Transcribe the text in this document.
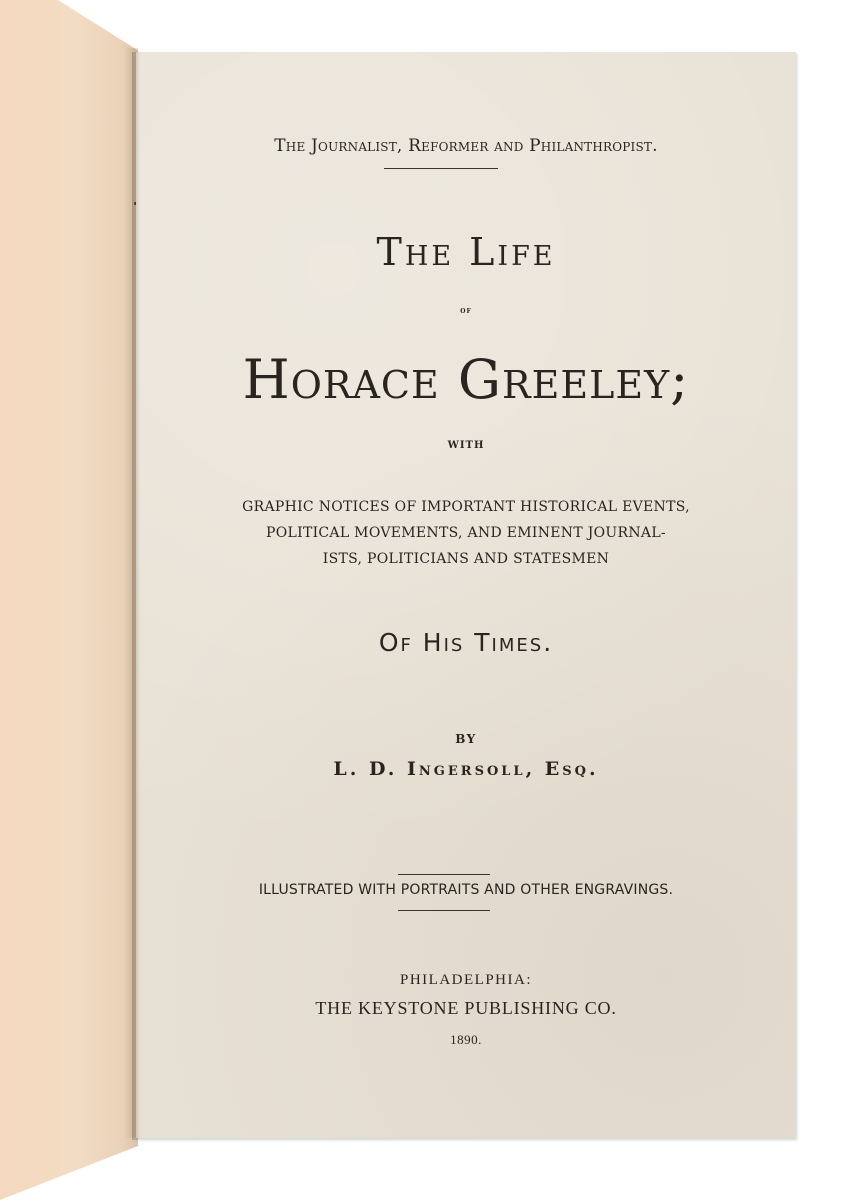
The Journalist, Reformer and Philanthropist.
The Life
of
Horace Greeley;
WITH
GRAPHIC NOTICES OF IMPORTANT HISTORICAL EVENTS,
POLITICAL MOVEMENTS, AND EMINENT JOURNAL-
ISTS, POLITICIANS AND STATESMEN
Of His Times.
BY
L. D. Ingersoll, Esq.
ILLUSTRATED WITH PORTRAITS AND OTHER ENGRAVINGS.
PHILADELPHIA:
THE KEYSTONE PUBLISHING CO.
1890.
